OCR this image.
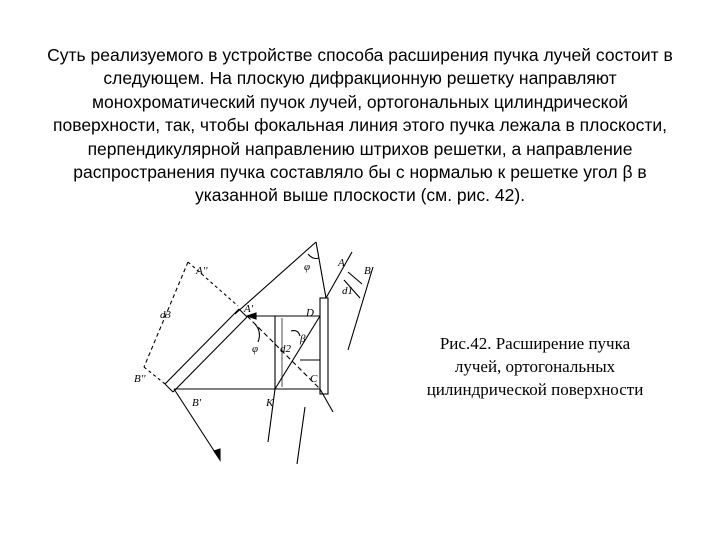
Суть реализуемого в устройстве способа расширения пучка лучей состоит в
следующем. На плоскую дифракционную решетку направляют
монохроматический пучок лучей, ортогональных цилиндрической
поверхности, так, чтобы фокальная линия этого пучка лежала в плоскости,
перпендикулярной направлению штрихов решетки, а направление
распространения пучка составляло бы с нормалью к решетке угол β в
указанной выше плоскости (см. рис. 42).
A''
B''
d3	A'
B'
φ
φ
β
d2
A
B
d1
D
C
K
Рис.42. Расширение пучка
лучей, ортогональных
цилиндрической поверхности
